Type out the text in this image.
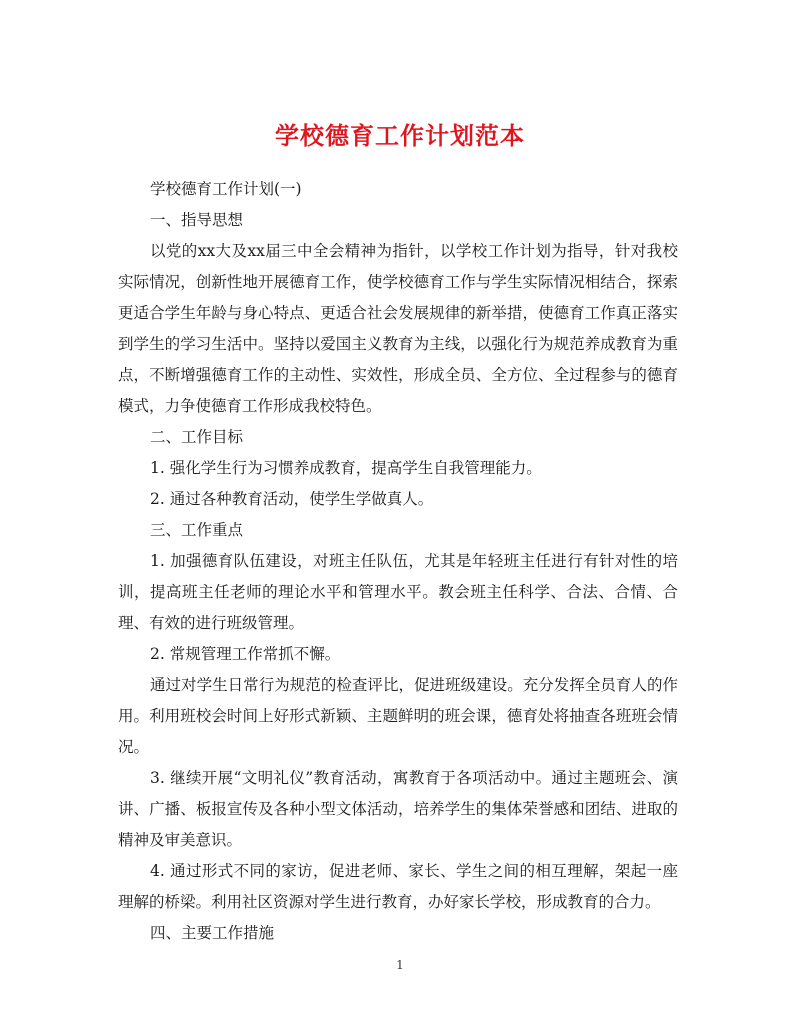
学校德育工作计划范本

学校德育工作计划(一)

一、指导思想

以党的xx大及xx届三中全会精神为指针，以学校工作计划为指导，针对我校实际情况，创新性地开展德育工作，使学校德育工作与学生实际情况相结合，探索更适合学生年龄与身心特点、更适合社会发展规律的新举措，使德育工作真正落实到学生的学习生活中。坚持以爱国主义教育为主线，以强化行为规范养成教育为重点，不断增强德育工作的主动性、实效性，形成全员、全方位、全过程参与的德育模式，力争使德育工作形成我校特色。

二、工作目标

1. 强化学生行为习惯养成教育，提高学生自我管理能力。

2. 通过各种教育活动，使学生学做真人。

三、工作重点

1. 加强德育队伍建设，对班主任队伍，尤其是年轻班主任进行有针对性的培训，提高班主任老师的理论水平和管理水平。教会班主任科学、合法、合情、合理、有效的进行班级管理。

2. 常规管理工作常抓不懈。

通过对学生日常行为规范的检查评比，促进班级建设。充分发挥全员育人的作用。利用班校会时间上好形式新颖、主题鲜明的班会课，德育处将抽查各班班会情况。

3. 继续开展“文明礼仪”教育活动，寓教育于各项活动中。通过主题班会、演讲、广播、板报宣传及各种小型文体活动，培养学生的集体荣誉感和团结、进取的精神及审美意识。

4. 通过形式不同的家访，促进老师、家长、学生之间的相互理解，架起一座理解的桥梁。利用社区资源对学生进行教育，办好家长学校，形成教育的合力。

四、主要工作措施

1
